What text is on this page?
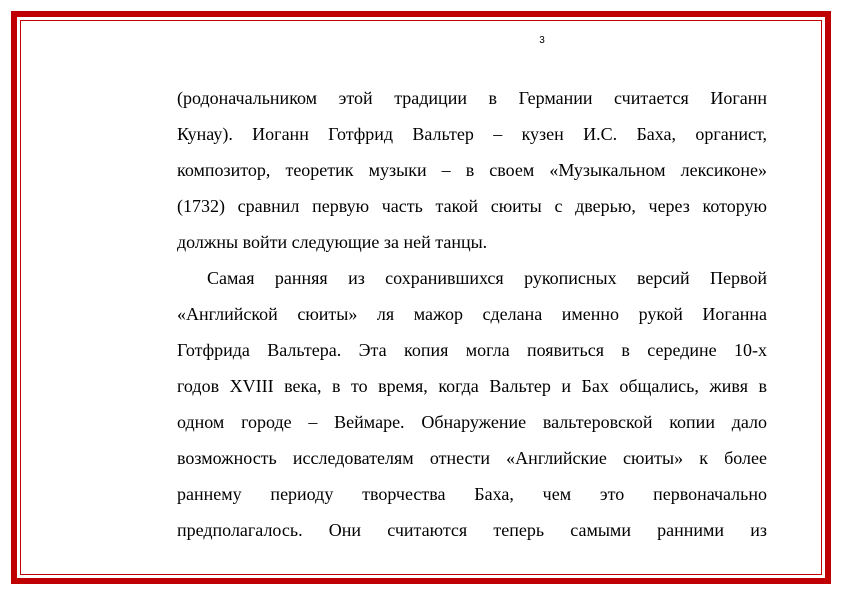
3
(родоначальником этой традиции в Германии считается Иоганн
Кунау). Иоганн Готфрид Вальтер – кузен И.С. Баха, органист,
композитор, теоретик музыки – в своем «Музыкальном лексиконе»
(1732) сравнил первую часть такой сюиты с дверью, через которую
должны войти следующие за ней танцы.
Самая ранняя из сохранившихся рукописных версий Первой
«Английской сюиты» ля мажор сделана именно рукой Иоганна
Готфрида Вальтера. Эта копия могла появиться в середине 10-х
годов XVIII века, в то время, когда Вальтер и Бах общались, живя в
одном городе – Веймаре. Обнаружение вальтеровской копии дало
возможность исследователям отнести «Английские сюиты» к более
раннему периоду творчества Баха, чем это первоначально
предполагалось. Они считаются теперь самыми ранними из
